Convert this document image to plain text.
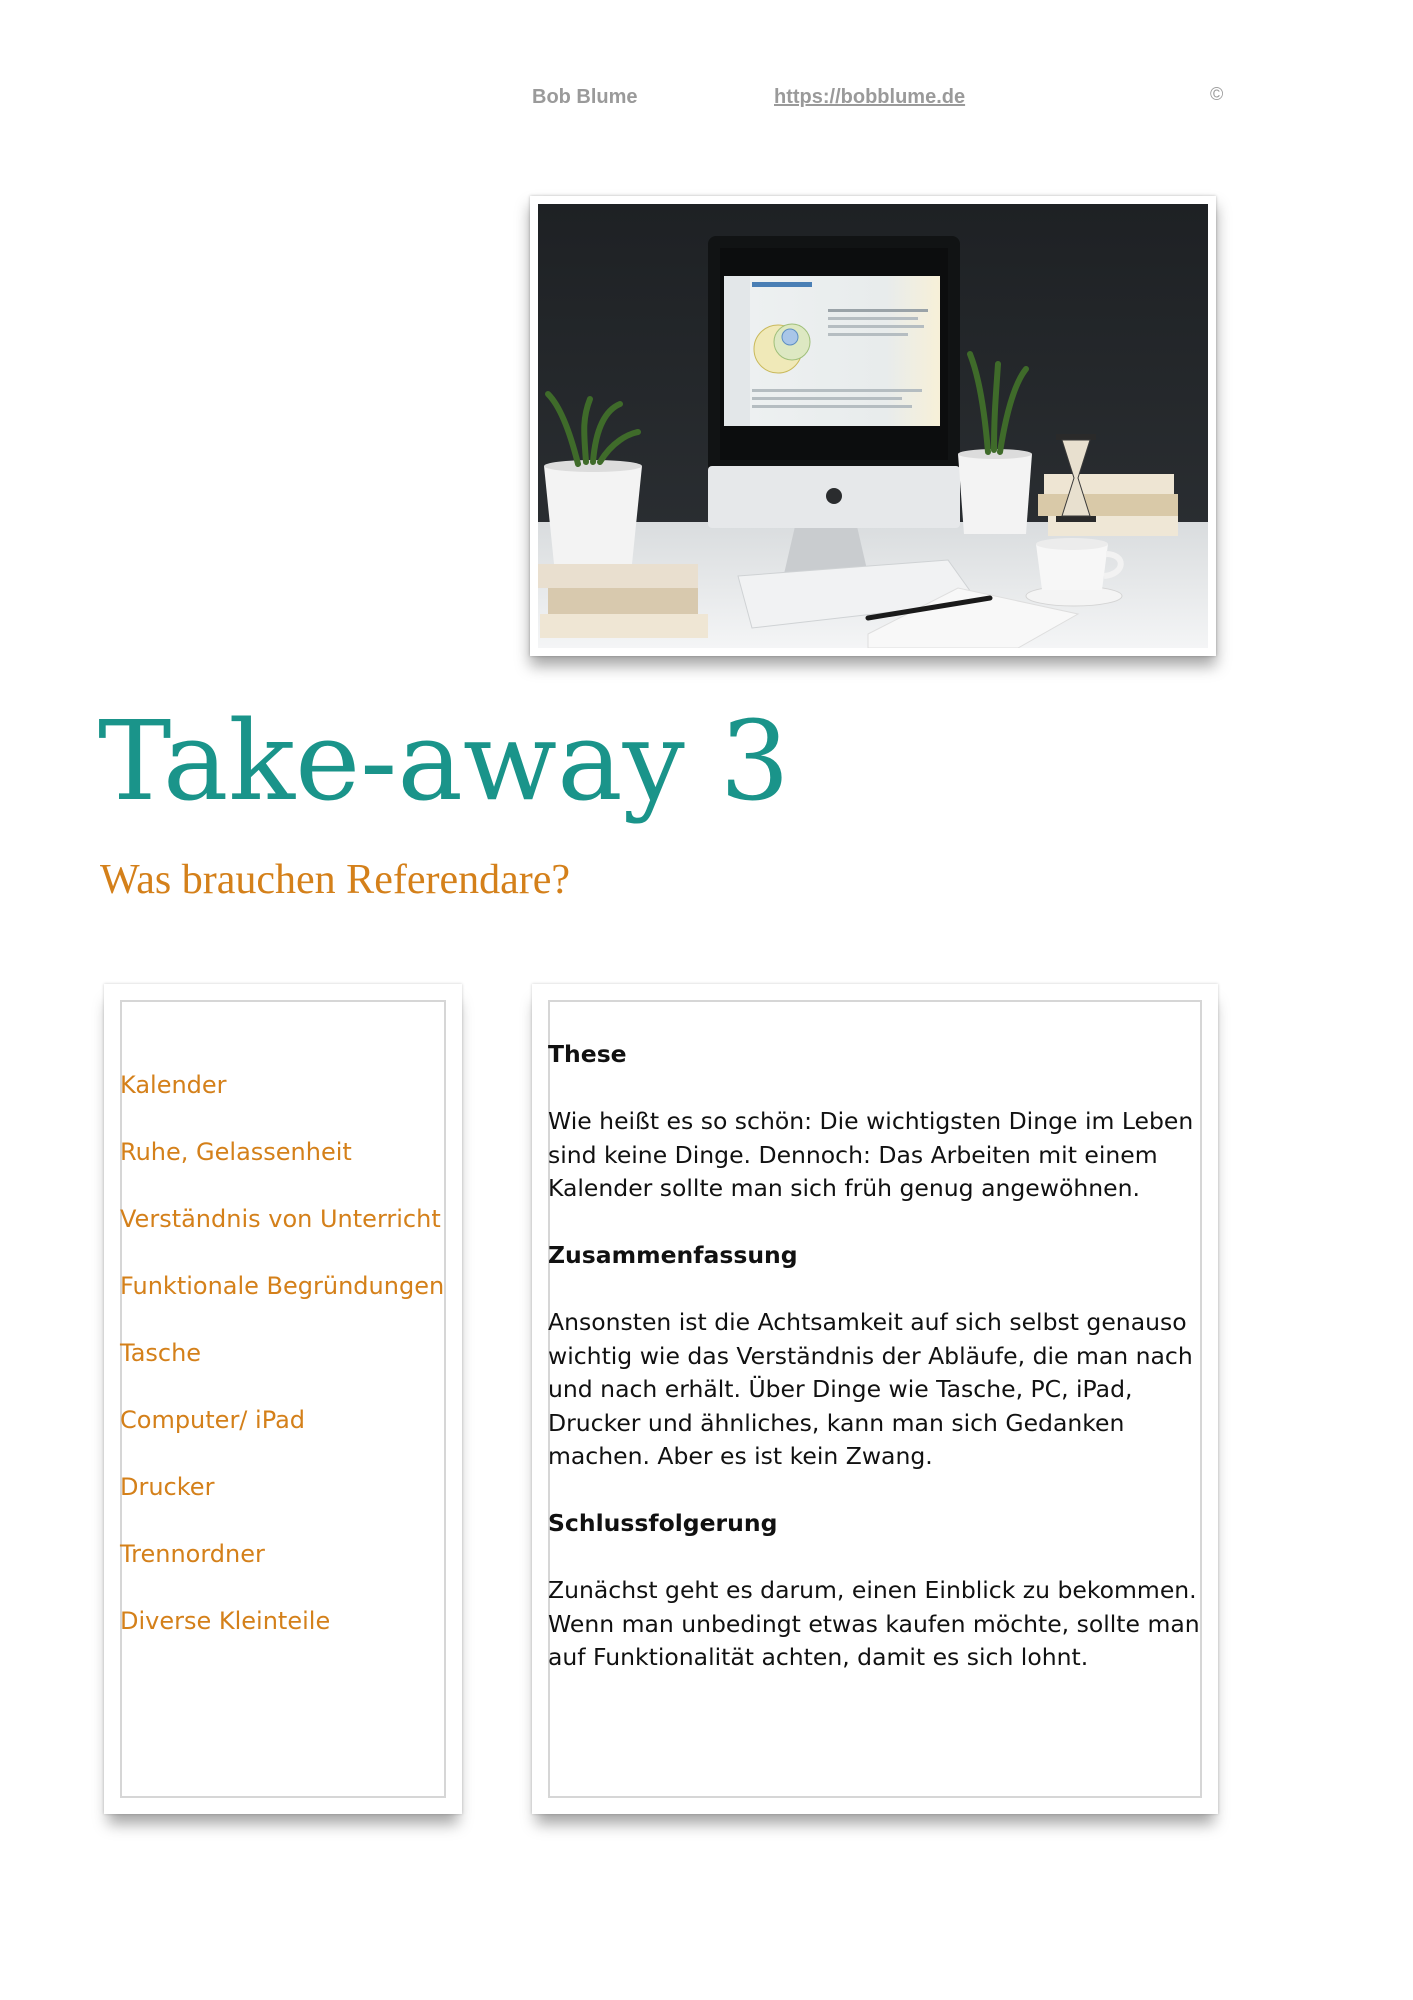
Bob Blume	https://bobblume.de	©
Take-away 3
Was brauchen Referendare?
Kalender
Ruhe, Gelassenheit
Verständnis von Unterricht
Funktionale Begründungen
Tasche
Computer/ iPad
Drucker
Trennordner
Diverse Kleinteile

These

Wie heißt es so schön: Die wichtigsten Dinge im Leben sind keine Dinge. Dennoch: Das Arbeiten mit einem Kalender sollte man sich früh genug angewöhnen.

Zusammenfassung

Ansonsten ist die Achtsamkeit auf sich selbst genauso wichtig wie das Verständnis der Abläufe, die man nach und nach erhält. Über Dinge wie Tasche, PC, iPad, Drucker und ähnliches, kann man sich Gedanken machen. Aber es ist kein Zwang.

Schlussfolgerung

Zunächst geht es darum, einen Einblick zu bekommen. Wenn man unbedingt etwas kaufen möchte, sollte man auf Funktionalität achten, damit es sich lohnt.
